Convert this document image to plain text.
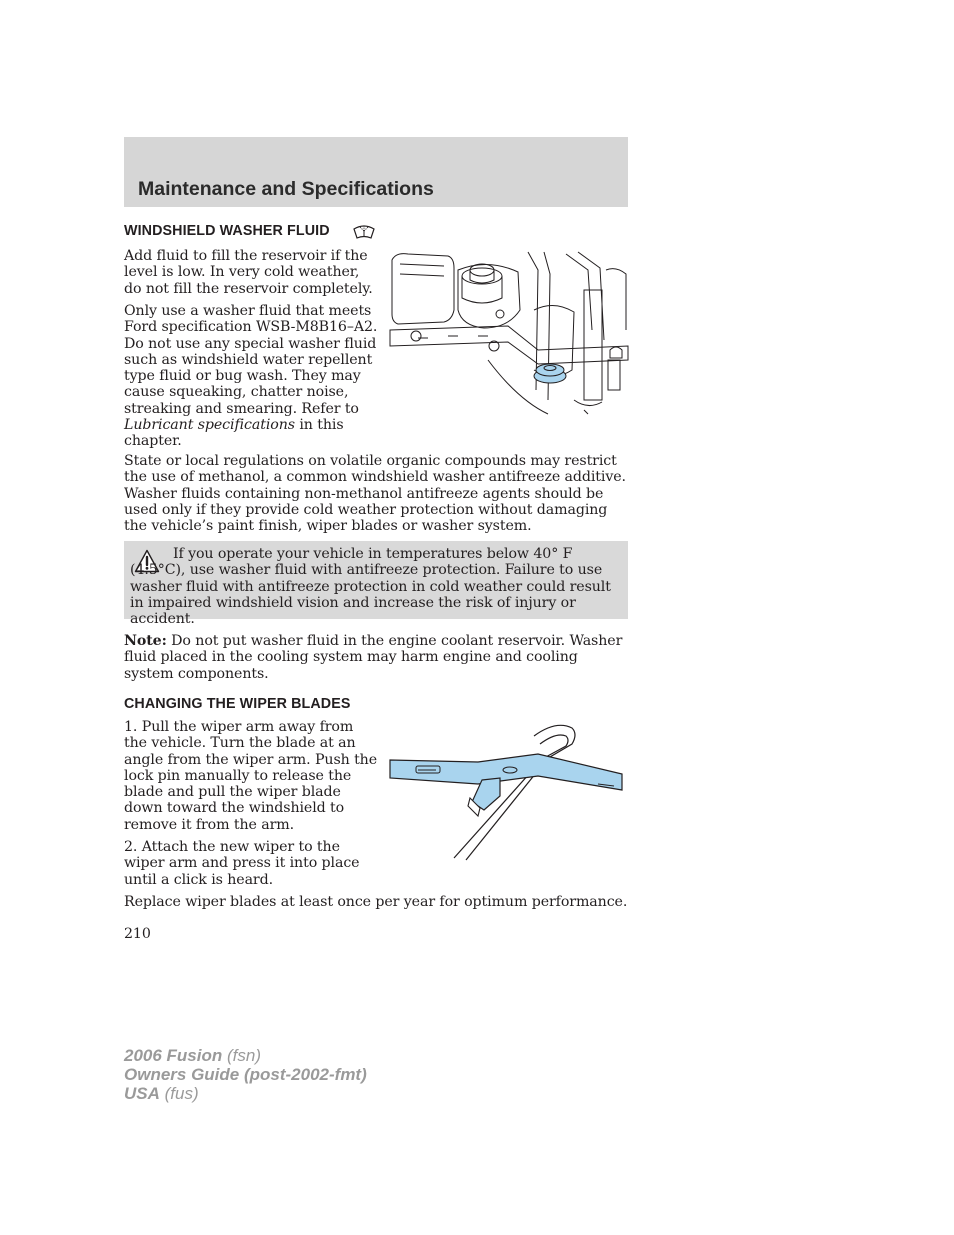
Maintenance and Specifications
WINDSHIELD WASHER FLUID

Add fluid to fill the reservoir if the level is low. In very cold weather, do not fill the reservoir completely.

Only use a washer fluid that meets Ford specification WSB-M8B16–A2. Do not use any special washer fluid such as windshield water repellent type fluid or bug wash. They may cause squeaking, chatter noise, streaking and smearing. Refer to Lubricant specifications in this chapter.

State or local regulations on volatile organic compounds may restrict the use of methanol, a common windshield washer antifreeze additive. Washer fluids containing non-methanol antifreeze agents should be used only if they provide cold weather protection without damaging the vehicle’s paint finish, wiper blades or washer system.

If you operate your vehicle in temperatures below 40° F (4.5°C), use washer fluid with antifreeze protection. Failure to use washer fluid with antifreeze protection in cold weather could result in impaired windshield vision and increase the risk of injury or accident.

Note: Do not put washer fluid in the engine coolant reservoir. Washer fluid placed in the cooling system may harm engine and cooling system components.

CHANGING THE WIPER BLADES

1. Pull the wiper arm away from the vehicle. Turn the blade at an angle from the wiper arm. Push the lock pin manually to release the blade and pull the wiper blade down toward the windshield to remove it from the arm.

2. Attach the new wiper to the wiper arm and press it into place until a click is heard.

Replace wiper blades at least once per year for optimum performance.

210

2006 Fusion (fsn)

Owners Guide (post-2002-fmt)

USA (fus)
